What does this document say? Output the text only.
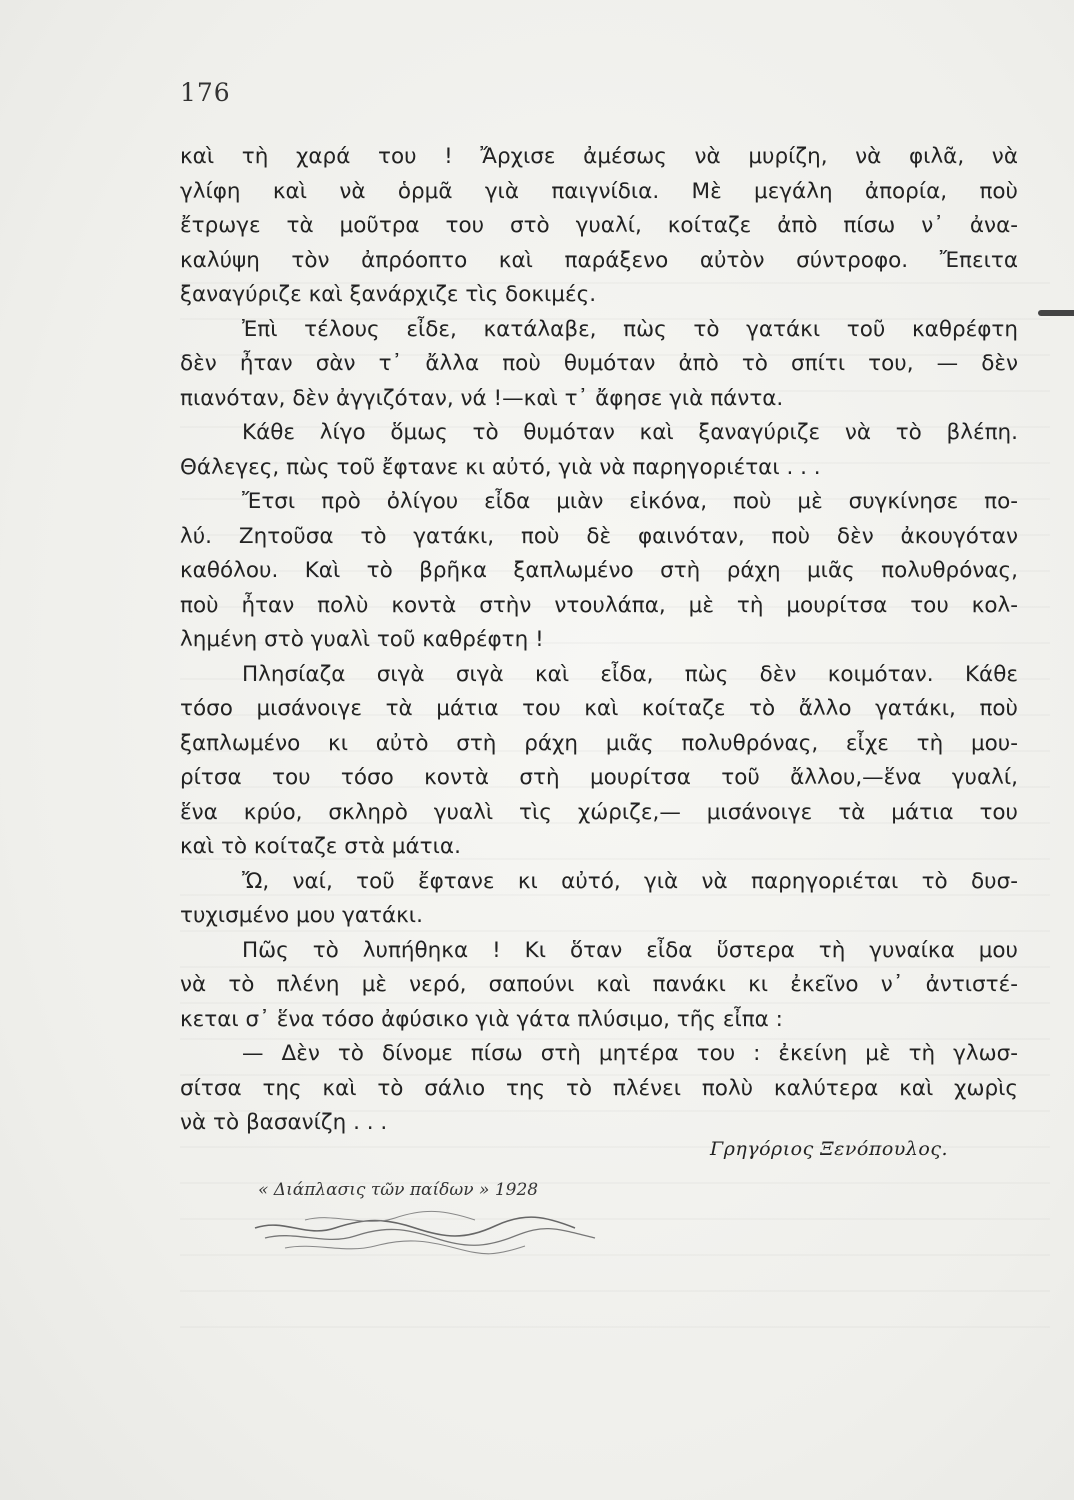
176
καὶ τὴ χαρά του ! Ἄρχισε ἀμέσως νὰ μυρίζη, νὰ φιλᾶ, νὰ
γλίφη καὶ νὰ ὁρμᾶ γιὰ παιγνίδια. Μὲ μεγάλη ἀπορία, ποὺ
ἔτρωγε τὰ μοῦτρα του στὸ γυαλί, κοίταζε ἀπὸ πίσω ν᾽ ἀνα-
καλύψη τὸν ἀπρόοπτο καὶ παράξενο αὐτὸν σύντροφο. Ἔπειτα
ξαναγύριζε καὶ ξανάρχιζε τὶς δοκιμές.
Ἐπὶ τέλους εἶδε, κατάλαβε, πὼς τὸ γατάκι τοῦ καθρέφτη
δὲν ἦταν σὰν τ᾽ ἄλλα ποὺ θυμόταν ἀπὸ τὸ σπίτι του, — δὲν
πιανόταν, δὲν ἀγγιζόταν, νά !—καὶ τ᾽ ἄφησε γιὰ πάντα.
Κάθε λίγο ὅμως τὸ θυμόταν καὶ ξαναγύριζε νὰ τὸ βλέπη.
Θάλεγες, πὼς τοῦ ἔφτανε κι αὐτό, γιὰ νὰ παρηγοριέται . . .
Ἔτσι πρὸ ὀλίγου εἶδα μιὰν εἰκόνα, ποὺ μὲ συγκίνησε πο-
λύ. Ζητοῦσα τὸ γατάκι, ποὺ δὲ φαινόταν, ποὺ δὲν ἀκουγόταν
καθόλου. Καὶ τὸ βρῆκα ξαπλωμένο στὴ ράχη μιᾶς πολυθρόνας,
ποὺ ἦταν πολὺ κοντὰ στὴν ντουλάπα, μὲ τὴ μουρίτσα του κολ-
λημένη στὸ γυαλὶ τοῦ καθρέφτη !
Πλησίαζα σιγὰ σιγὰ καὶ εἶδα, πὼς δὲν κοιμόταν. Κάθε
τόσο μισάνοιγε τὰ μάτια του καὶ κοίταζε τὸ ἄλλο γατάκι, ποὺ
ξαπλωμένο κι αὐτὸ στὴ ράχη μιᾶς πολυθρόνας, εἶχε τὴ μου-
ρίτσα του τόσο κοντὰ στὴ μουρίτσα τοῦ ἄλλου,—ἕνα γυαλί,
ἕνα κρύο, σκληρὸ γυαλὶ τὶς χώριζε,— μισάνοιγε τὰ μάτια του
καὶ τὸ κοίταζε στὰ μάτια.
Ὤ, ναί, τοῦ ἔφτανε κι αὐτό, γιὰ νὰ παρηγοριέται τὸ δυσ-
τυχισμένο μου γατάκι.
Πῶς τὸ λυπήθηκα ! Κι ὅταν εἶδα ὕστερα τὴ γυναίκα μου
νὰ τὸ πλένη μὲ νερό, σαπούνι καὶ πανάκι κι ἐκεῖνο ν᾽ ἀντιστέ-
κεται σ᾽ ἕνα τόσο ἀφύσικο γιὰ γάτα πλύσιμο, τῆς εἶπα :
— Δὲν τὸ δίνομε πίσω στὴ μητέρα του : ἐκείνη μὲ τὴ γλωσ-
σίτσα της καὶ τὸ σάλιο της τὸ πλένει πολὺ καλύτερα καὶ χωρὶς
νὰ τὸ βασανίζη . . .
Γρηγόριος Ξενόπουλος.
« Διάπλασις τῶν παίδων » 1928
